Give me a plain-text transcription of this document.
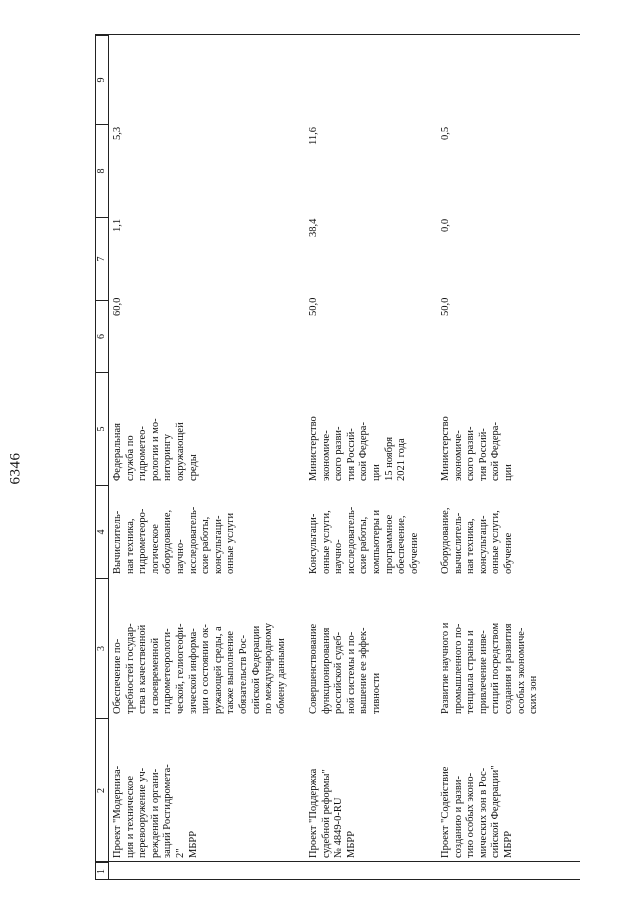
6346
1
2
3
4
5
6
7
8
9
Проект "Модерниза-
ция и техническое
перевооружение уч-
реждений и органи-
заций Росгидромета-
2"
МБРР
Обеспечение по-
требностей государ-
ства в качественной
и своевременной
гидрометеорологи-
ческой, гелиогеофи-
зической информа-
ции о состоянии ок-
ружающей среды, а
также выполнение
обязательств Рос-
сийской Федерации
по международному
обмену данными
Вычислитель-
ная техника,
гидрометеоро-
логическое
оборудование,
научно-
исследователь-
ские работы,
консультаци-
онные услуги
Федеральная
служба по
гидрометео-
рологии и мо-
ниторингу
окружающей
среды
60,0
1,1
5,3
Проект "Поддержка
судебной реформы"
№ 4849-0-RU
МБРР
Совершенствование
функционирования
российской судеб-
ной системы и по-
вышение ее эффек-
тивности
Консультаци-
онные услуги,
научно-
исследователь-
ские работы,
компьютеры и
программное
обеспечение,
обучение
Министерство
экономиче-
ского разви-
тия Россий-
ской Федера-
ции
15 ноября
2021 года
50,0
38,4
11,6
Проект "Содействие
созданию и разви-
тию особых эконо-
мических зон в Рос-
сийской Федерации"
МБРР
Развитие научного и
промышленного по-
тенциала страны и
привлечение инве-
стиций посредством
создания и развития
особых экономиче-
ских зон
Оборудование,
вычислитель-
ная техника,
консультаци-
онные услуги,
обучение
Министерство
экономиче-
ского разви-
тия Россий-
ской Федера-
ции
50,0
0,0
0,5
